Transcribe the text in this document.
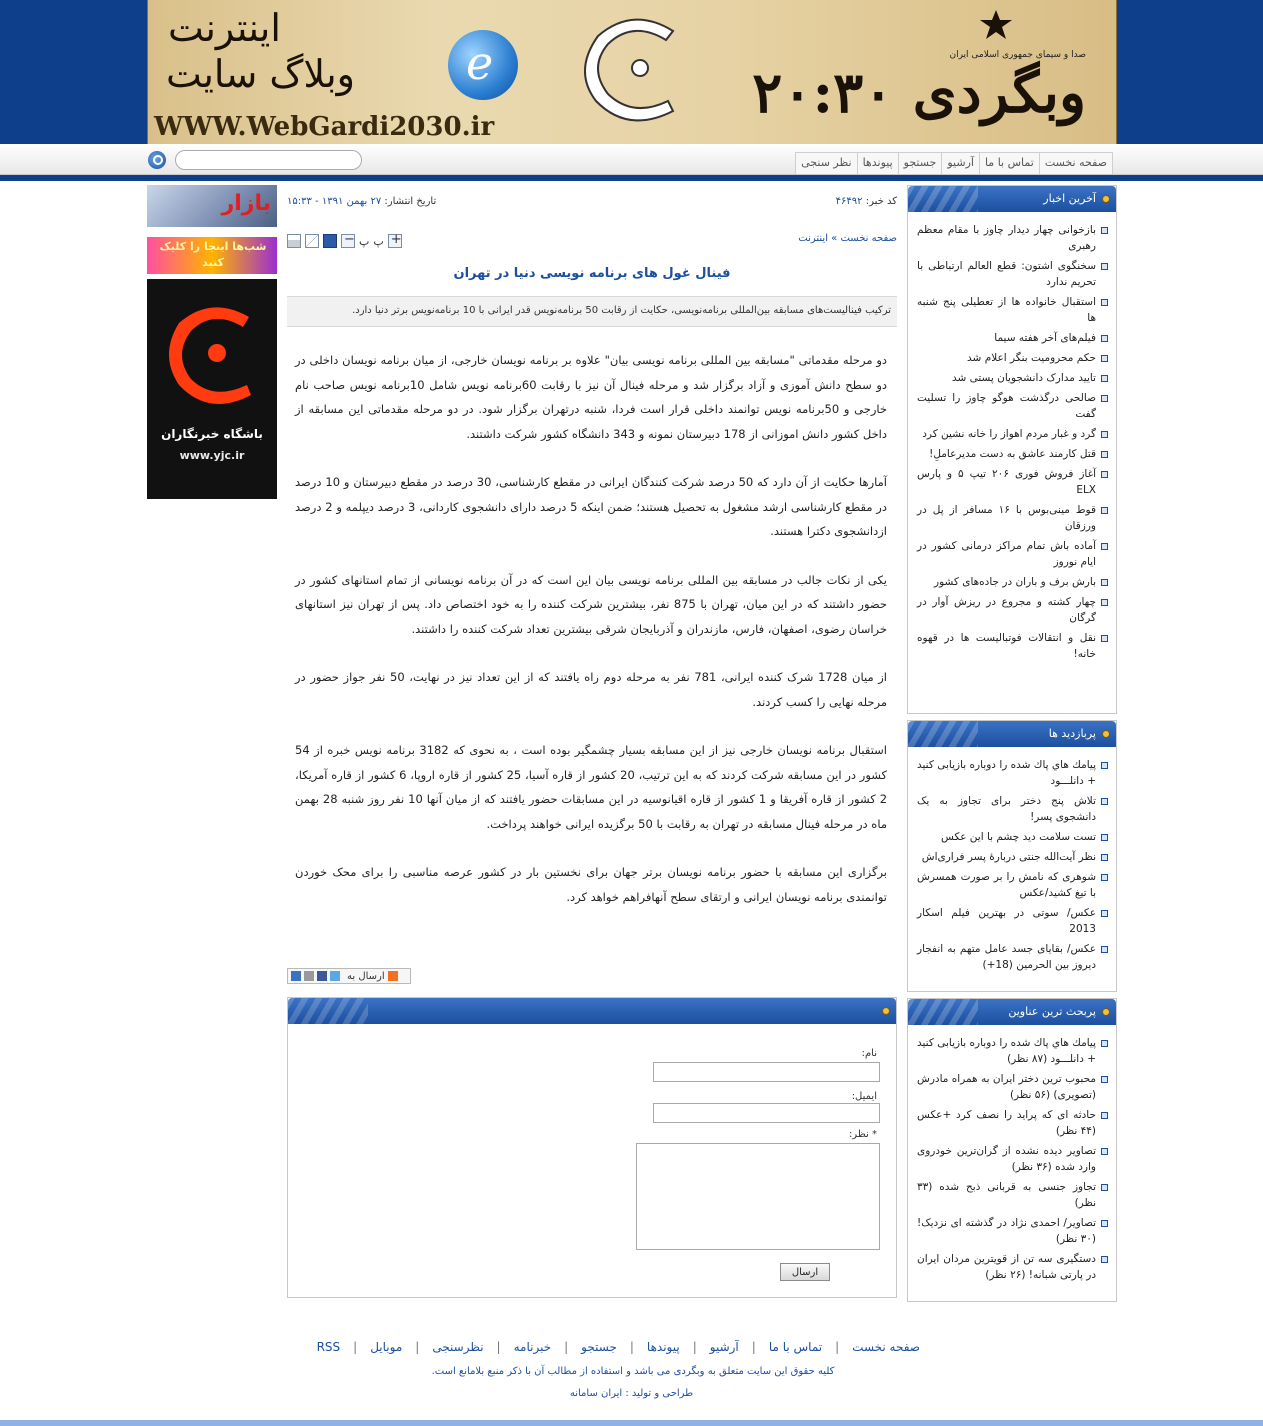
اینترنت
وبلاگ سایت e	وبگردی ۲۰:۳۰
صدا و سیمای جمهوری اسلامی ایران
WWW.WebGardi2030.ir
صفحه نخست
تماس با ما
آرشیو
جستجو
پیوندها
نظر سنجی
بازار
شب‌ها اینجا را کلیک کنید
باشگاه خبرنگاران
www.yjc.ir
کد خبر: ۴۶۴۹۲
تاریخ انتشار: ۲۷ بهمن ۱۳۹۱ - ۱۵:۳۳
صفحه نخست » اینترنت
−
پ پ
+
فینال غول های برنامه نویسی دنیا در تهران
ترکیب فینالیست‌های مسابقه بین‌المللی برنامه‌نویسی، حکایت از رقابت 50 برنامه‌نویس قدر ایرانی با 10 برنامه‌نویس برتر دنیا دارد.

دو مرحله مقدماتی "مسابقه بین المللی برنامه نویسی بیان" علاوه بر برنامه نویسان خارجی، از میان برنامه نویسان داخلی در دو سطح دانش آموزی و آزاد برگزار شد و مرحله فینال آن نیز با رقابت 60برنامه نویس شامل 10برنامه نویس صاحب نام خارجی و 50برنامه نویس توانمند داخلی قرار است فردا، شنبه درتهران برگزار شود. در دو مرحله مقدماتی این مسابقه از داخل کشور دانش اموزانی از 178 دبیرستان نمونه و 343 دانشگاه کشور شرکت داشتند.

آمارها حکایت از آن دارد که 50 درصد شرکت کنندگان ایرانی در مقطع کارشناسی، 30 درصد در مقطع دبیرستان و 10 درصد در مقطع کارشناسی ارشد مشغول به تحصیل هستند؛ ضمن اینکه 5 درصد دارای دانشجوی کاردانی، 3 درصد دیپلمه و 2 درصد ازدانشجوی دکترا هستند.

یکی از نکات جالب در مسابقه بین المللی برنامه نویسی بیان این است که در آن برنامه نویسانی از تمام استانهای کشور در حضور داشتند که در این میان، تهران با 875 نفر، بیشترین شرکت کننده را به خود اختصاص داد. پس از تهران نیز استانهای خراسان رضوی، اصفهان، فارس، مازندران و آذربایجان شرقی بیشترین تعداد شرکت کننده را داشتند.

از میان 1728 شرک کننده ایرانی، 781 نفر به مرحله دوم راه یافتند که از این تعداد نیز در نهایت، 50 نفر جواز حضور در مرحله نهایی را کسب کردند.

استقبال برنامه نویسان خارجی نیز از این مسابقه بسیار چشمگیر بوده است ، به نحوی که 3182 برنامه نویس خبره از 54 کشور در این مسابقه شرکت کردند که به این ترتیب، 20 کشور از قاره آسیا، 25 کشور از قاره اروپا، 6 کشور از قاره آمریکا، 2 کشور از قاره آفریقا و 1 کشور از قاره اقیانوسیه در این مسابقات حضور یافتند که از میان آنها 10 نفر روز شنبه 28 بهمن ماه در مرحله فینال مسابقه در تهران به رقابت با 50 برگزیده ایرانی خواهند پرداخت.

برگزاری این مسابقه با حضور برنامه نویسان برتر جهان برای نخستین بار در کشور عرصه مناسبی را برای محک خوردن توانمندی برنامه نویسان ایرانی و ارتقای سطح آنهافراهم خواهد کرد.

ارسال به
نام:
ایمیل:
* نظر:
ارسال
آخرین اخبار
بازخوانی چهار دیدار چاوز با مقام معظم رهبری
سخنگوی اشتون: قطع العالم ارتباطی با تحریم ندارد
استقبال خانواده ها از تعطیلی پنج شنبه ها
فیلم‌های آخر هفته سیما
حکم محرومیت بنگر اعلام شد
تایید مدارک دانشجویان پستی شد
صالحی درگذشت هوگو چاوز را تسلیت گفت
گرد و غبار مردم اهواز را خانه نشین کرد
قتل کارمند عاشق به دست مدیرعاملِ!
آغاز فروش فوری ۲۰۶ تیپ ۵ و پارس ELX
قوط مینی‌بوس با ۱۶ مسافر از پل در ورزقان
آماده باش تمام مراکز درمانی کشور در ایام نوروز
بارش برف و باران در جاده‌های کشور
چهار کشته و مجروع در ریزش آوار در گرگان
نقل و انتقالات فوتبالیست ها در قهوه خانه!
پربازدید ها
پیامك هاي پاك شده را دوباره بازيابی كنيد + دانلـــود
تلاش پنج دختر برای تجاوز به یک دانشجوی پسر!
تست سلامت دید چشم با این عکس
نظر آیت‌الله جنتی دربارهٔ پسر فراری‌اش
شوهری که نامش را بر صورت همسرش با تیغ کشید/عکس
عکس/ سوتی در بهترین فیلم اسکار 2013
عکس/ بقایای جسد عامل متهم به انفجار دیروز بین الحرمین (18+)
پربحث ترین عناوین
پیامك هاي پاك شده را دوباره بازيابی كنيد + دانلـــود (۸۷ نظر)
محبوب ترین دختر ایران به همراه مادرش (تصویری) (۵۶ نظر)
حادثه ای که پراید را نصف کرد +عکس (۴۴ نظر)
تصاویر دیده نشده از گران‌ترین خودروی وارد شده (۳۶ نظر)
تجاوز جنسی به قربانی ذبح شده (۳۳ نظر)
تصاویر/ احمدی نژاد در گذشته ای نزدیک! (۳۰ نظر)
دستگیری سه تن از قویترین مردان ایران در پارتی شبانه! (۲۶ نظر)
صفحه نخست
|
تماس با ما
|
آرشیو
|
پیوندها
|
جستجو
|
خبرنامه
|
نظرسنجی
|
موبایل
|
RSS
کلیه حقوق این سایت متعلق به وبگردی می باشد و استفاده از مطالب آن با ذکر منبع بلامانع است.
طراحی و تولید : ایران سامانه
